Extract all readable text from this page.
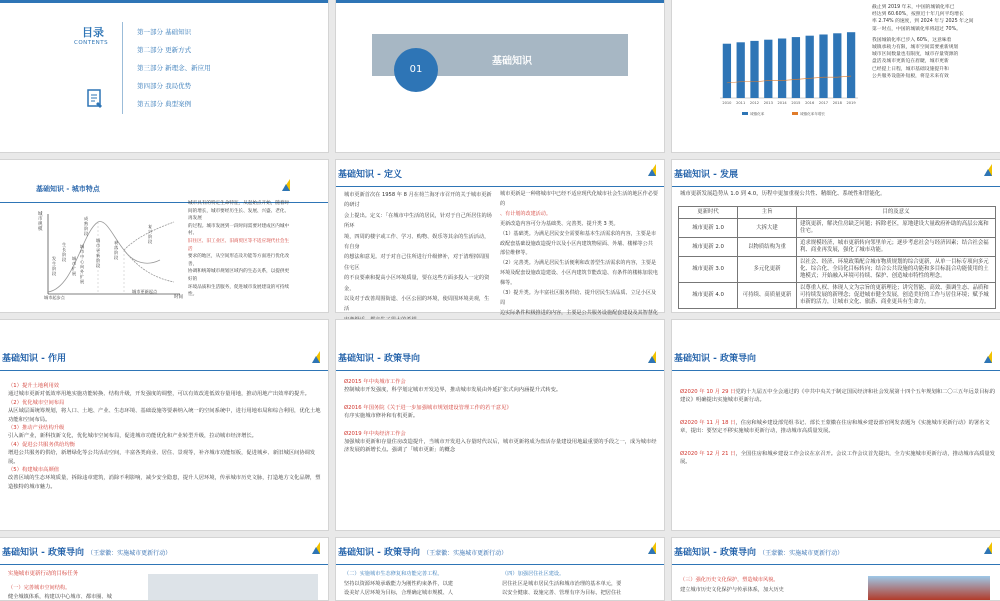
目录
CONTENTS
第一部分 基础知识
第二部分 更新方式
第三部分 新理念、新应用
第四部分 我局优势
第五部分 典型案例
01
基础知识
2010 2011 2012 2013 2014 2015 2016 2017 2018 2019
城镇化率	城镇化率年增长
截止到 2019 年末，中国的城镇化率已
经达到 60.60%，按照近十年几何平均增长
率 2.74% 的速度，到 2024 年与 2025 年之间
第一时点，中国的城镇化率将超过 70%。
我国城镇化率已步入 60%，这意味着
城镇承载力有限，城市空间需要重新规划
城市区间数量也有限度，城市存量资源的
盘活及城市更新迫在眉睫，城市更新
已经提上日程，城市基础设施提升和
公共服务设施补短板，将是未来有效
基础知识 - 城市特点
城市规模
时间
城市起步点
生长阶段
发生阶段
城市中心向外扩展
城市扩展
成熟阶段
城市更新阶段
衰落阶段
复兴阶段
城市更新起点
城市具有的特定生命特征，从起始点开始，随着时
间的增长，城市要经历生长、发展、兴盛、老化、再发展
的过程。城市发展到一段时间需要对建成区内城中村、
旧住区、旧工业区、旧商贸区等不适应现代社会生活
要求的地区，从空间形态及功能等方面进行优化改善，
协调和统筹城市规划区域内的生态关系，以提供更好的
环境品质和生活服务，促进城市发展建设的可持续性。
基础知识 - 定义
城市更新首次在 1958 年 8 月在荷兰海牙市召开的关于城市更新的研讨
会上提出。定义：「在城市中生活的居民，针对于自己所居住的场所环
境，四周的楼宇或工作、学习、购物、娱乐等其余的生活活动，有自身
的想法和意见。对于对自己住所进行升级修补，对于清理掉周围住宅区
的不良要素和提高小区环境质量，要在这些方面多投入一定的资金，
以及对于改善周围街道、小区公园的环境，使周围环境美观，生活
城市更新是一种将城市中已经不适应现代化城市社会生活的地区作必要的
、有计划的改建活动。
更新改造内容可分为基础类、完善类、提升类 3 类。
（1）基础类。为满足居民安全需要和基本生活需求的内容，主要是市
政配套基础设施改造提升以及小区内建筑物屋面、外墙、楼梯等公共
部位维修等。
（2）完善类。为满足居民生活便利和改善型生活需求的内容，主要是
环境及配套设施改造建设、小区内建筑节能改造、有条件的楼栋加装电梯等。
（3）提升类。为丰富社区服务供给、提升居民生活品质、立足小区及周
边实际条件积极推进的内容，主要是公共服务设施配套建设及其智慧化
基础知识 - 发展
城市更新发展趋势从 1.0 到 4.0，历程中更加重视公共性、精细化、系统性和智能化。
更新时代	主旨	目的及意义
城市更新 1.0	大拆大建	建筑更新，解决住房缺乏问题；拆除老区，原地建设大量政府补助的高层公寓和住宅。
城市更新 2.0	以物质结构为重	追求规模经济，城市更新转向邻里单元；逐步考虑社会与经济因素；结合社会福利、商业再发展，强化了城市功能。
城市更新 3.0	多元化更新	以社会、经济、环境政策配合城市物质规划的综合更新，从单一目标专项向多元化、综合化、全局化目标转向；结合公共设施的功能和多目标混合功能使用的土地模式；开始融入环境可持续、保护、创造城市特性的理念。
城市更新 4.0	可持续、高质量更新	以尊重人权、体现人文为宗旨的更新理论；讲究智能、高效、强调生态、品质和可持续发展的新理念；促进城市健全发展，创造美好的工作与居住环境；赋予城市新的活力，让城市文化、旅游、商业更具有生命力。
基础知识 - 作用
（1）提升土地利用效
通过城市更新对低效率用地实施功能转换、结构升级，开发强度的调整，可以有效改进低效存量用地，推动用地产出效率的提升。
（2）优化城市空间布局
从区域层面统筹规划，将人口、土地、产业、生态环境、基础设施等要素纳入统一的空间系统中，进行用地布局和综合利用，优化土地功能和空间布局。
（3）推动产业结构升级
引入新产业，新科技新文化，优化城市空间布局，促进城市功能优化和产业转型升级，拉动城市经济增长。
（4）促进公共服务供给均衡
增进公共服务的供给，新增绿化等公共活动空间，丰富各类商业、居住、景观等，补齐城市功能短板，促进城乡、新旧城区间协调发展。
（5）构建城市高颜值
改善区域的生态环境质量，拆除违章建筑，消除不利影响，减少安全隐患，提升人居环境，传承城市历史文脉，打造地方文化品牌，塑造独特的城市魅力。
基础知识 - 政策导向
Ø2015 年中央城市工作会
控制城市开发强度，科学划定城市开发边界，推动城市发展由外延扩张式向内涵提升式转变。
Ø2016 年国务院《关于进一步加强城市规划建设管理工作的若干意见》
有序实施城市修补和有机更新。
Ø2019 年中央经济工作会
加强城市更新和存量住房改造提升，当城市开发进入存量时代以后，城市更新将成为盘活存量建设用地最重要的手段之一，成为城市经济发展的新增长点。强调了「城市更新」的概念
基础知识 - 政策导向
Ø2020 年 10 月 29 日党的十九届五中全会通过的《中共中央关于制定国民经济和社会发展第十四个五年规划和二〇三五年远景目标的建议》明确提出实施城市更新行动。
Ø2020 年 11 月 18 日，住房和城乡建设部党组书记、部长王蒙徽在住房和城乡建设部官网发表题为《实施城市更新行动》的署名文章，提出：要坚定不移实施城市更新行动，推动城市高质量发展。
Ø2020 年 12 月 21 日，全国住房和城乡建设工作会议在京召开。会议工作会议首先提出，全力实施城市更新行动，推动城市高质量发展。
基础知识 - 政策导向 （王蒙徽：实施城市更新行动）
实施城市更新行动的目标任务
（一）完善城市空间结构。
健全城镇体系，构建以中心城市、都市圈、城
基础知识 - 政策导向 （王蒙徽：实施城市更新行动）
（二）实施城市生态修复和功能完善工程。
坚持以资源环境承载能力为刚性约束条件，以建
设美好人居环境为目标，合理确定城市规模、人
（四）加强居住社区建设。
居住社区是城市居民生活和城市治理的基本单元，要
以安全健康、设施完善、管理有序为目标，把居住社
基础知识 - 政策导向 （王蒙徽：实施城市更新行动）
（三）强化历史文化保护，塑造城市风貌。
建立城市历史文化保护与传承体系，加大历史
